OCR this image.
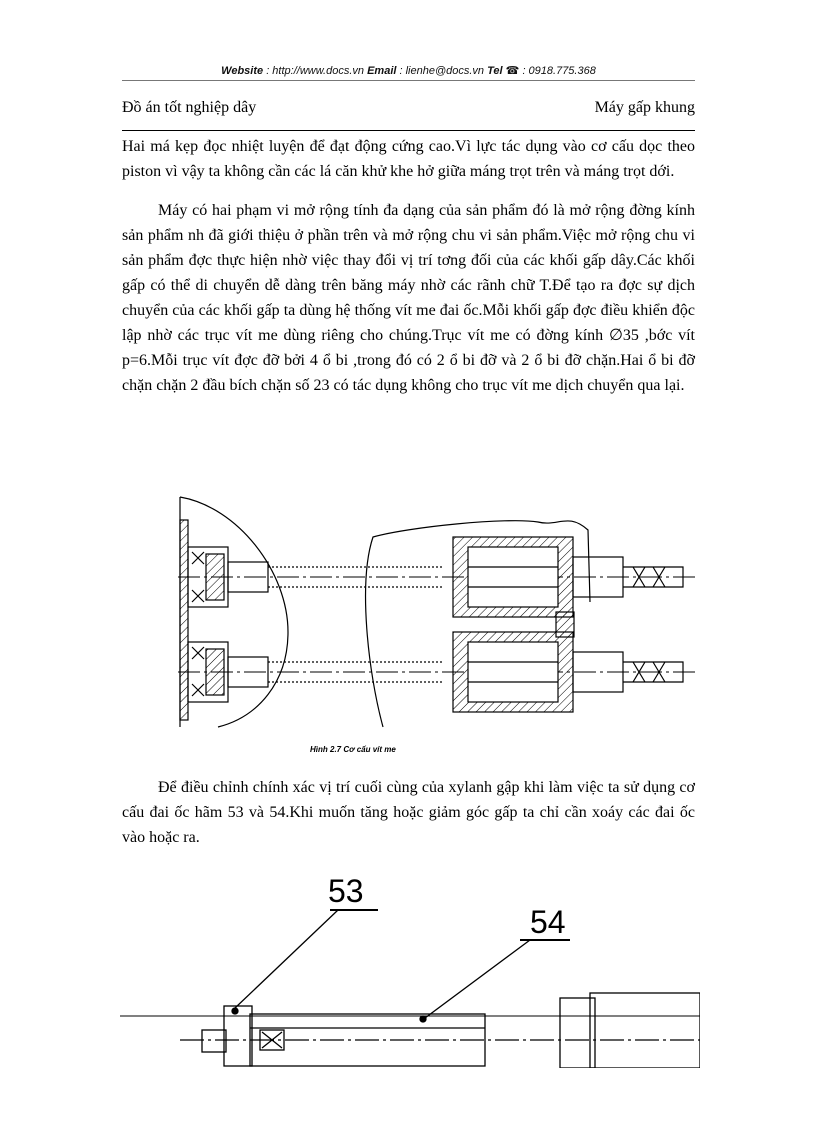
Website : http://www.docs.vn Email : lienhe@docs.vn Tel ☎ : 0918.775.368
Đồ án tốt nghiệp dây	Máy gấp khung

Hai má kẹp đọc nhiệt luyện để đạt động cứng cao.Vì lực tác dụng vào cơ cấu dọc theo piston vì vậy ta không cần các lá căn khử khe hở giữa máng trọt trên và máng trọt dới.

Máy có hai phạm vi mở rộng tính đa dạng của sản phẩm đó là mở rộng đờng kính sản phẩm nh đã giới thiệu ở phần trên và mở rộng chu vi sản phẩm.Việc mở rộng chu vi sản phẩm đợc thực hiện nhờ việc thay đổi vị trí tơng đối của các khối gấp dây.Các khối gấp có thể di chuyển dễ dàng trên băng máy nhờ các rãnh chữ T.Để tạo ra đợc sự dịch chuyển của các khối gấp ta dùng hệ thống vít me đai ốc.Mỗi khối gấp đợc điều khiển độc lập nhờ các trục vít me dùng riêng cho chúng.Trục vít me có đờng kính ∅35 ,bớc vít p=6.Mỗi trục vít đợc đỡ bởi 4 ổ bi ,trong đó có 2 ổ bi đỡ và 2 ổ bi đỡ chặn.Hai ổ bi đỡ chặn chặn 2 đầu bích chặn số 23 có tác dụng không cho trục vít me dịch chuyển qua lại.

Hình 2.7 Cơ cấu vít me

Để điều chỉnh chính xác vị trí cuối cùng của xylanh gập khi làm việc ta sử dụng cơ cấu đai ốc hãm 53 và 54.Khi muốn tăng hoặc giảm góc gấp ta chỉ cần xoáy các đai ốc vào hoặc ra.

53
54
